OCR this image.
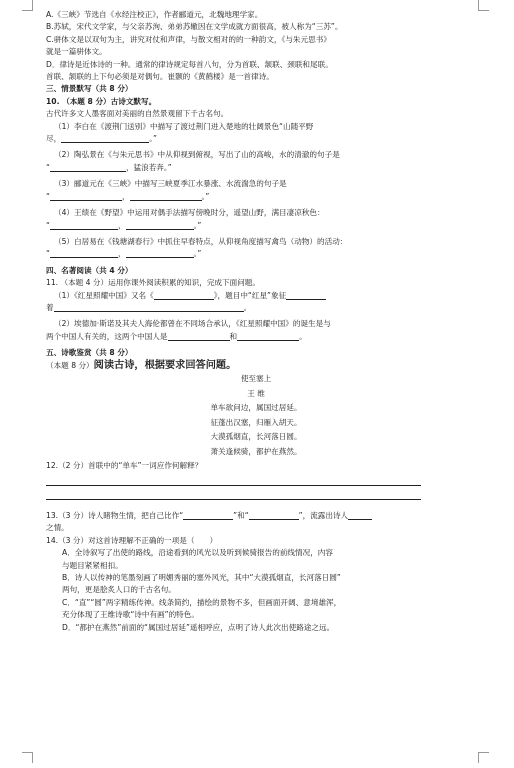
A.《三峡》节选自《水经注校正》，作者郦道元，北魏地理学家。

B.苏轼，宋代文学家，与父亲苏洵、弟弟苏辙因在文学成就方面很高，被人称为“三苏”。

C.骈体文是以双句为主，讲究对仗和声律，与散文相对的的一种韵文，《与朱元思书》

就是一篇骈体文。

D．律诗是近体诗的一种。通常的律诗规定每首八句，分为首联、颔联、颈联和尾联。

首联、颔联的上下句必须是对偶句。崔颢的《黄鹤楼》是一首律诗。

三、情景默写（共 8 分）

10. （本题 8 分）古诗文默写。

古代许多文人墨客面对美丽的自然景观留下千古名句。

（1）李白在《渡荆门送别》中描写了渡过荆门进入楚地的壮阔景色“山随平野

尽，	。”

（2）陶弘景在《与朱元思书》中从仰视到俯视，写出了山的高峻，水的清澈的句子是

“	，猛浪若奔。”

（3）郦道元在《三峡》中描写三峡夏季江水暴涨、水流湍急的句子是

“	，	。”

（4）王绩在《野望》中运用对偶手法描写傍晚时分，遥望山野，满目凄凉秋色：

“	，	。”

（5）白居易在《钱塘湖春行》中抓住早春特点，从仰视角度描写禽鸟（动物）的活动：

“	，	。”

四、名著阅读（共 4 分）

11. （本题 4 分）运用你课外阅读积累的知识，完成下面问题。

（1）《红星照耀中国》又名《	》，题目中“红星”象征

着	。

（2）埃德加·斯诺及其夫人海伦都曾在不同场合承认，《红星照耀中国》的诞生是与

两个中国人有关的，这两个中国人是	和	。

五、诗歌鉴赏（共 8 分）

（本题 8 分）阅读古诗，根据要求回答问题。

使至塞上
王 维
单车欲问边，属国过居延。
征蓬出汉塞，归雁入胡天。
大漠孤烟直，长河落日圆。
萧关逢候骑，都护在燕然。

12.（2 分）首联中的“单车”一词应作何解释？

13.（3 分）诗人睹物生情，把自己比作“	”和“	”，流露出诗人

之情。

14.（3 分）对这首诗理解不正确的一项是（　　）

A．全诗叙写了出使的路线，沿途看到的风光以及听到候骑报告的前线情况，内容

与题目紧紧相扣。

B．诗人以传神的笔墨刻画了明媚秀丽的塞外风光，其中“大漠孤烟直，长河落日圆”

两句，更是脍炙人口的千古名句。

C．“直”“圆”两字精练传神。线条简约，描绘的景物不多，但画面开阔、意境雄浑，

充分体现了王维诗歌“诗中有画”的特色。

D．“都护在燕然”前面的“属国过居延”遥相呼应，点明了诗人此次出使路途之远。
